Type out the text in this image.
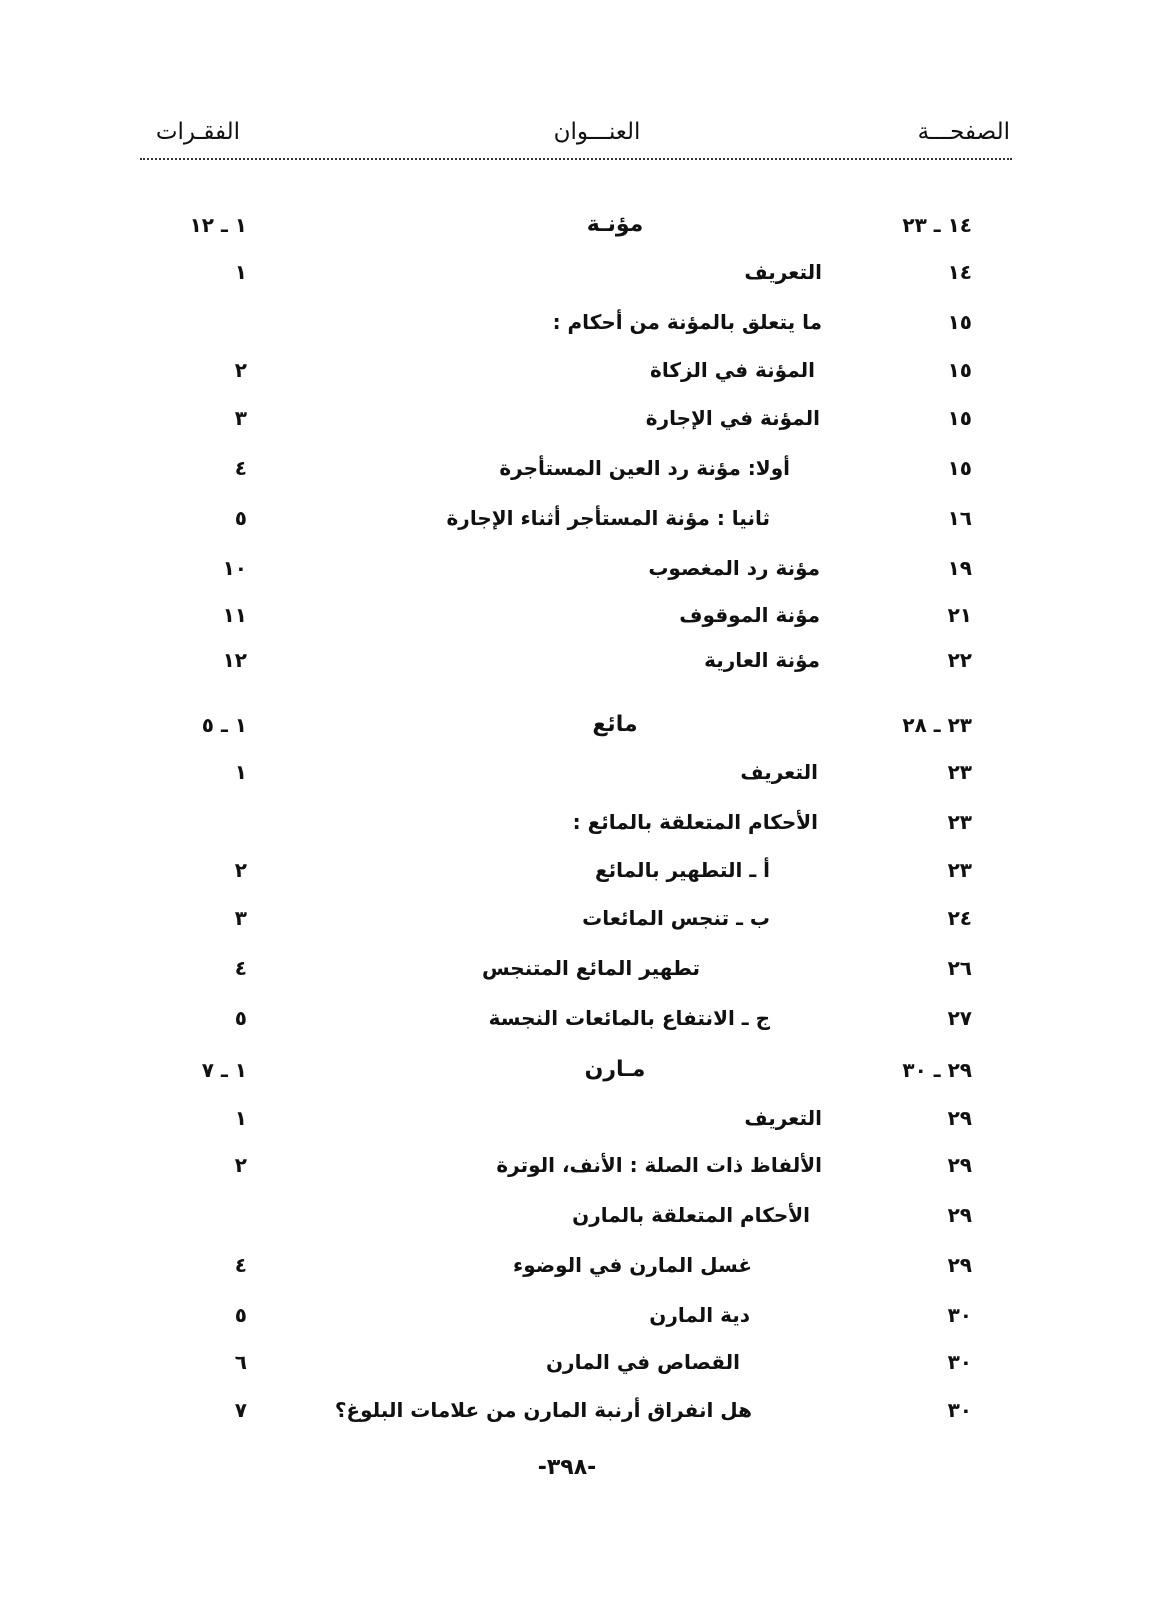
الصفحـــة
العنـــوان
الفقـرات
١٤ ـ ٢٣
مؤنـة
١ ـ ١٢
١٤
التعريف
١
١٥
ما يتعلق بالمؤنة من أحكام :
١٥
المؤنة في الزكاة
٢
١٥
المؤنة في الإجارة
٣
١٥
أولا: مؤنة رد العين المستأجرة
٤
١٦
ثانيا : مؤنة المستأجر أثناء الإجارة
٥
١٩
مؤنة رد المغصوب
١٠
٢١
مؤنة الموقوف
١١
٢٢
مؤنة العارية
١٢
٢٣ ـ ٢٨
مائع
١ ـ ٥
٢٣
التعريف
١
٢٣
الأحكام المتعلقة بالمائع :
٢٣
أ ـ التطهير بالمائع
٢
٢٤
ب ـ تنجس المائعات
٣
٢٦
تطهير المائع المتنجس
٤
٢٧
ج ـ الانتفاع بالمائعات النجسة
٥
٢٩ ـ ٣٠
مـارن
١ ـ ٧
٢٩
التعريف
١
٢٩
الألفاظ ذات الصلة : الأنف، الوترة
٢
٢٩
الأحكام المتعلقة بالمارن
٢٩
غسل المارن في الوضوء
٤
٣٠
دية المارن
٥
٣٠
القصاص في المارن
٦
٣٠
هل انفراق أرنبة المارن من علامات البلوغ؟
٧
-٣٩٨-
